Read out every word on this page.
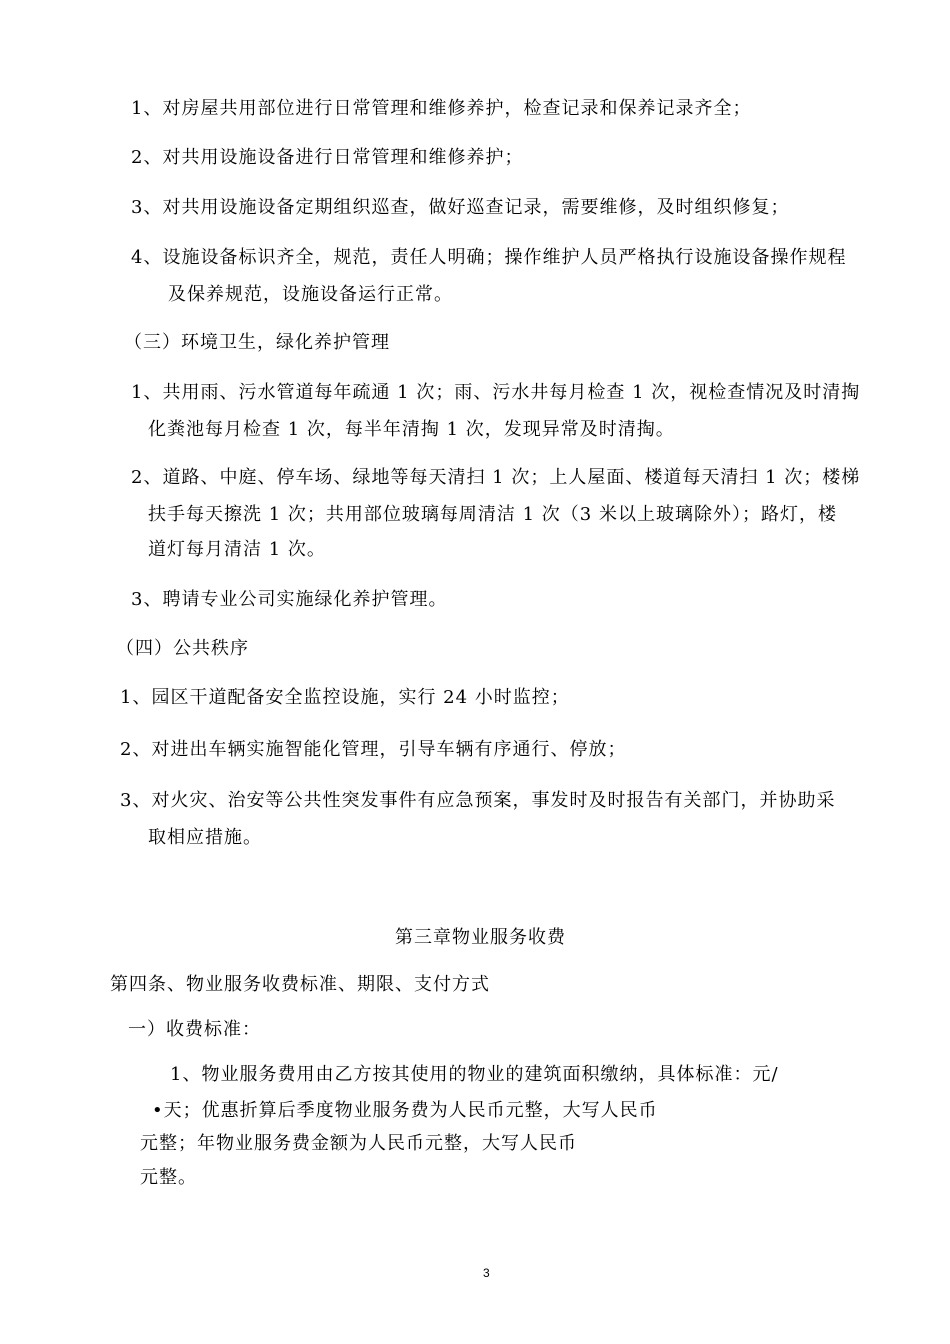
1、对房屋共用部位进行日常管理和维修养护，检查记录和保养记录齐全；
2、对共用设施设备进行日常管理和维修养护；
3、对共用设施设备定期组织巡查，做好巡查记录，需要维修，及时组织修复；
4、设施设备标识齐全，规范，责任人明确；操作维护人员严格执行设施设备操作规程
及保养规范，设施设备运行正常。
（三）环境卫生，绿化养护管理
1、共用雨、污水管道每年疏通 1 次；雨、污水井每月检查 1 次，视检查情况及时清掏
化粪池每月检查 1 次，每半年清掏 1 次，发现异常及时清掏。
2、道路、中庭、停车场、绿地等每天清扫 1 次；上人屋面、楼道每天清扫 1 次；楼梯
扶手每天擦洗 1 次；共用部位玻璃每周清洁 1 次（3 米以上玻璃除外）；路灯，楼
道灯每月清洁 1 次。
3、聘请专业公司实施绿化养护管理。
（四）公共秩序
1、园区干道配备安全监控设施，实行 24 小时监控；
2、对进出车辆实施智能化管理，引导车辆有序通行、停放；
3、对火灾、治安等公共性突发事件有应急预案，事发时及时报告有关部门，并协助采
取相应措施。
第三章物业服务收费
第四条、物业服务收费标准、期限、支付方式
一）收费标准：
1、物业服务费用由乙方按其使用的物业的建筑面积缴纳，具体标准：元/
•天；优惠折算后季度物业服务费为人民币元整，大写人民币
元整；年物业服务费金额为人民币元整，大写人民币
元整。
3
